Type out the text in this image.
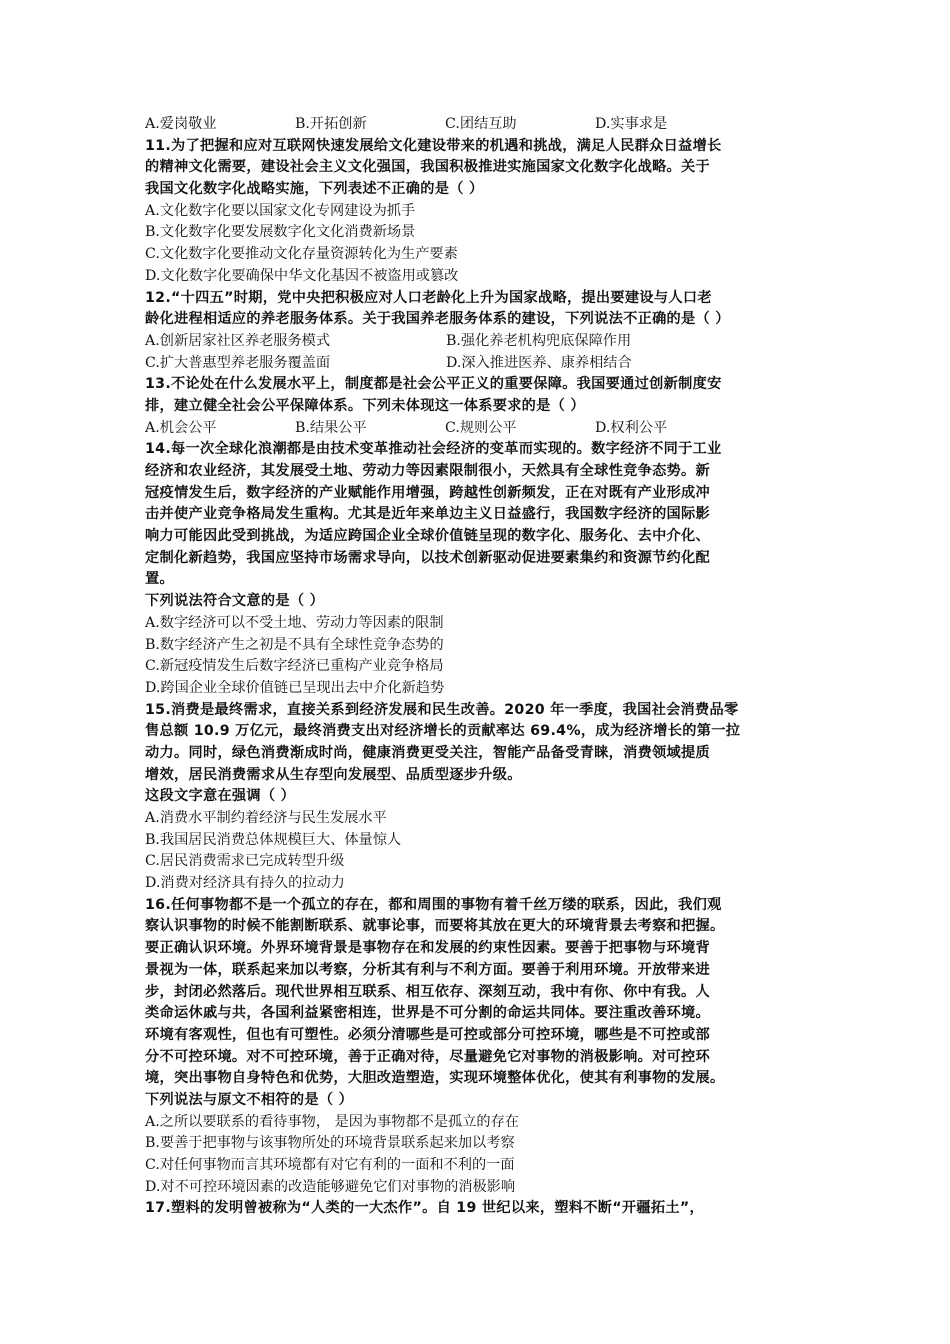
A.爱岗敬业	B.开拓创新	C.团结互助	D.实事求是
11.为了把握和应对互联网快速发展给文化建设带来的机遇和挑战，满足人民群众日益增长
的精神文化需要，建设社会主义文化强国，我国积极推进实施国家文化数字化战略。关于
我国文化数字化战略实施，下列表述不正确的是（ ）
A.文化数字化要以国家文化专网建设为抓手
B.文化数字化要发展数字化文化消费新场景
C.文化数字化要推动文化存量资源转化为生产要素
D.文化数字化要确保中华文化基因不被盗用或篡改
12.“十四五”时期，党中央把积极应对人口老龄化上升为国家战略，提出要建设与人口老
龄化进程相适应的养老服务体系。关于我国养老服务体系的建设，下列说法不正确的是（ ）
A.创新居家社区养老服务模式	B.强化养老机构兜底保障作用
C.扩大普惠型养老服务覆盖面	D.深入推进医养、康养相结合
13.不论处在什么发展水平上，制度都是社会公平正义的重要保障。我国要通过创新制度安
排，建立健全社会公平保障体系。下列未体现这一体系要求的是（ ）
A.机会公平	B.结果公平	C.规则公平	D.权利公平
14.每一次全球化浪潮都是由技术变革推动社会经济的变革而实现的。数字经济不同于工业
经济和农业经济，其发展受土地、劳动力等因素限制很小，天然具有全球性竞争态势。新
冠疫情发生后，数字经济的产业赋能作用增强，跨越性创新频发，正在对既有产业形成冲
击并使产业竞争格局发生重构。尤其是近年来单边主义日益盛行，我国数字经济的国际影
响力可能因此受到挑战，为适应跨国企业全球价值链呈现的数字化、服务化、去中介化、
定制化新趋势，我国应坚持市场需求导向，以技术创新驱动促进要素集约和资源节约化配
置。
下列说法符合文意的是（ ）
A.数字经济可以不受土地、劳动力等因素的限制
B.数字经济产生之初是不具有全球性竞争态势的
C.新冠疫情发生后数字经济已重构产业竞争格局
D.跨国企业全球价值链已呈现出去中介化新趋势
15.消费是最终需求，直接关系到经济发展和民生改善。2020 年一季度，我国社会消费品零
售总额 10.9 万亿元，最终消费支出对经济增长的贡献率达 69.4%，成为经济增长的第一拉
动力。同时，绿色消费渐成时尚，健康消费更受关注，智能产品备受青睐，消费领域提质
增效，居民消费需求从生存型向发展型、品质型逐步升级。
这段文字意在强调（ ）
A.消费水平制约着经济与民生发展水平
B.我国居民消费总体规模巨大、体量惊人
C.居民消费需求已完成转型升级
D.消费对经济具有持久的拉动力
16.任何事物都不是一个孤立的存在，都和周围的事物有着千丝万缕的联系，因此，我们观
察认识事物的时候不能割断联系、就事论事，而要将其放在更大的环境背景去考察和把握。
要正确认识环境。外界环境背景是事物存在和发展的约束性因素。要善于把事物与环境背
景视为一体，联系起来加以考察，分析其有利与不利方面。要善于利用环境。开放带来进
步，封闭必然落后。现代世界相互联系、相互依存、深刻互动，我中有你、你中有我。人
类命运休戚与共，各国利益紧密相连，世界是不可分割的命运共同体。要注重改善环境。
环境有客观性，但也有可塑性。必须分清哪些是可控或部分可控环境，哪些是不可控或部
分不可控环境。对不可控环境，善于正确对待，尽量避免它对事物的消极影响。对可控环
境，突出事物自身特色和优势，大胆改造塑造，实现环境整体优化，使其有利事物的发展。
下列说法与原文不相符的是（ ）
A.之所以要联系的看待事物， 是因为事物都不是孤立的存在
B.要善于把事物与该事物所处的环境背景联系起来加以考察
C.对任何事物而言其环境都有对它有利的一面和不利的一面
D.对不可控环境因素的改造能够避免它们对事物的消极影响
17.塑料的发明曾被称为“人类的一大杰作”。自 19 世纪以来，塑料不断“开疆拓土”，
